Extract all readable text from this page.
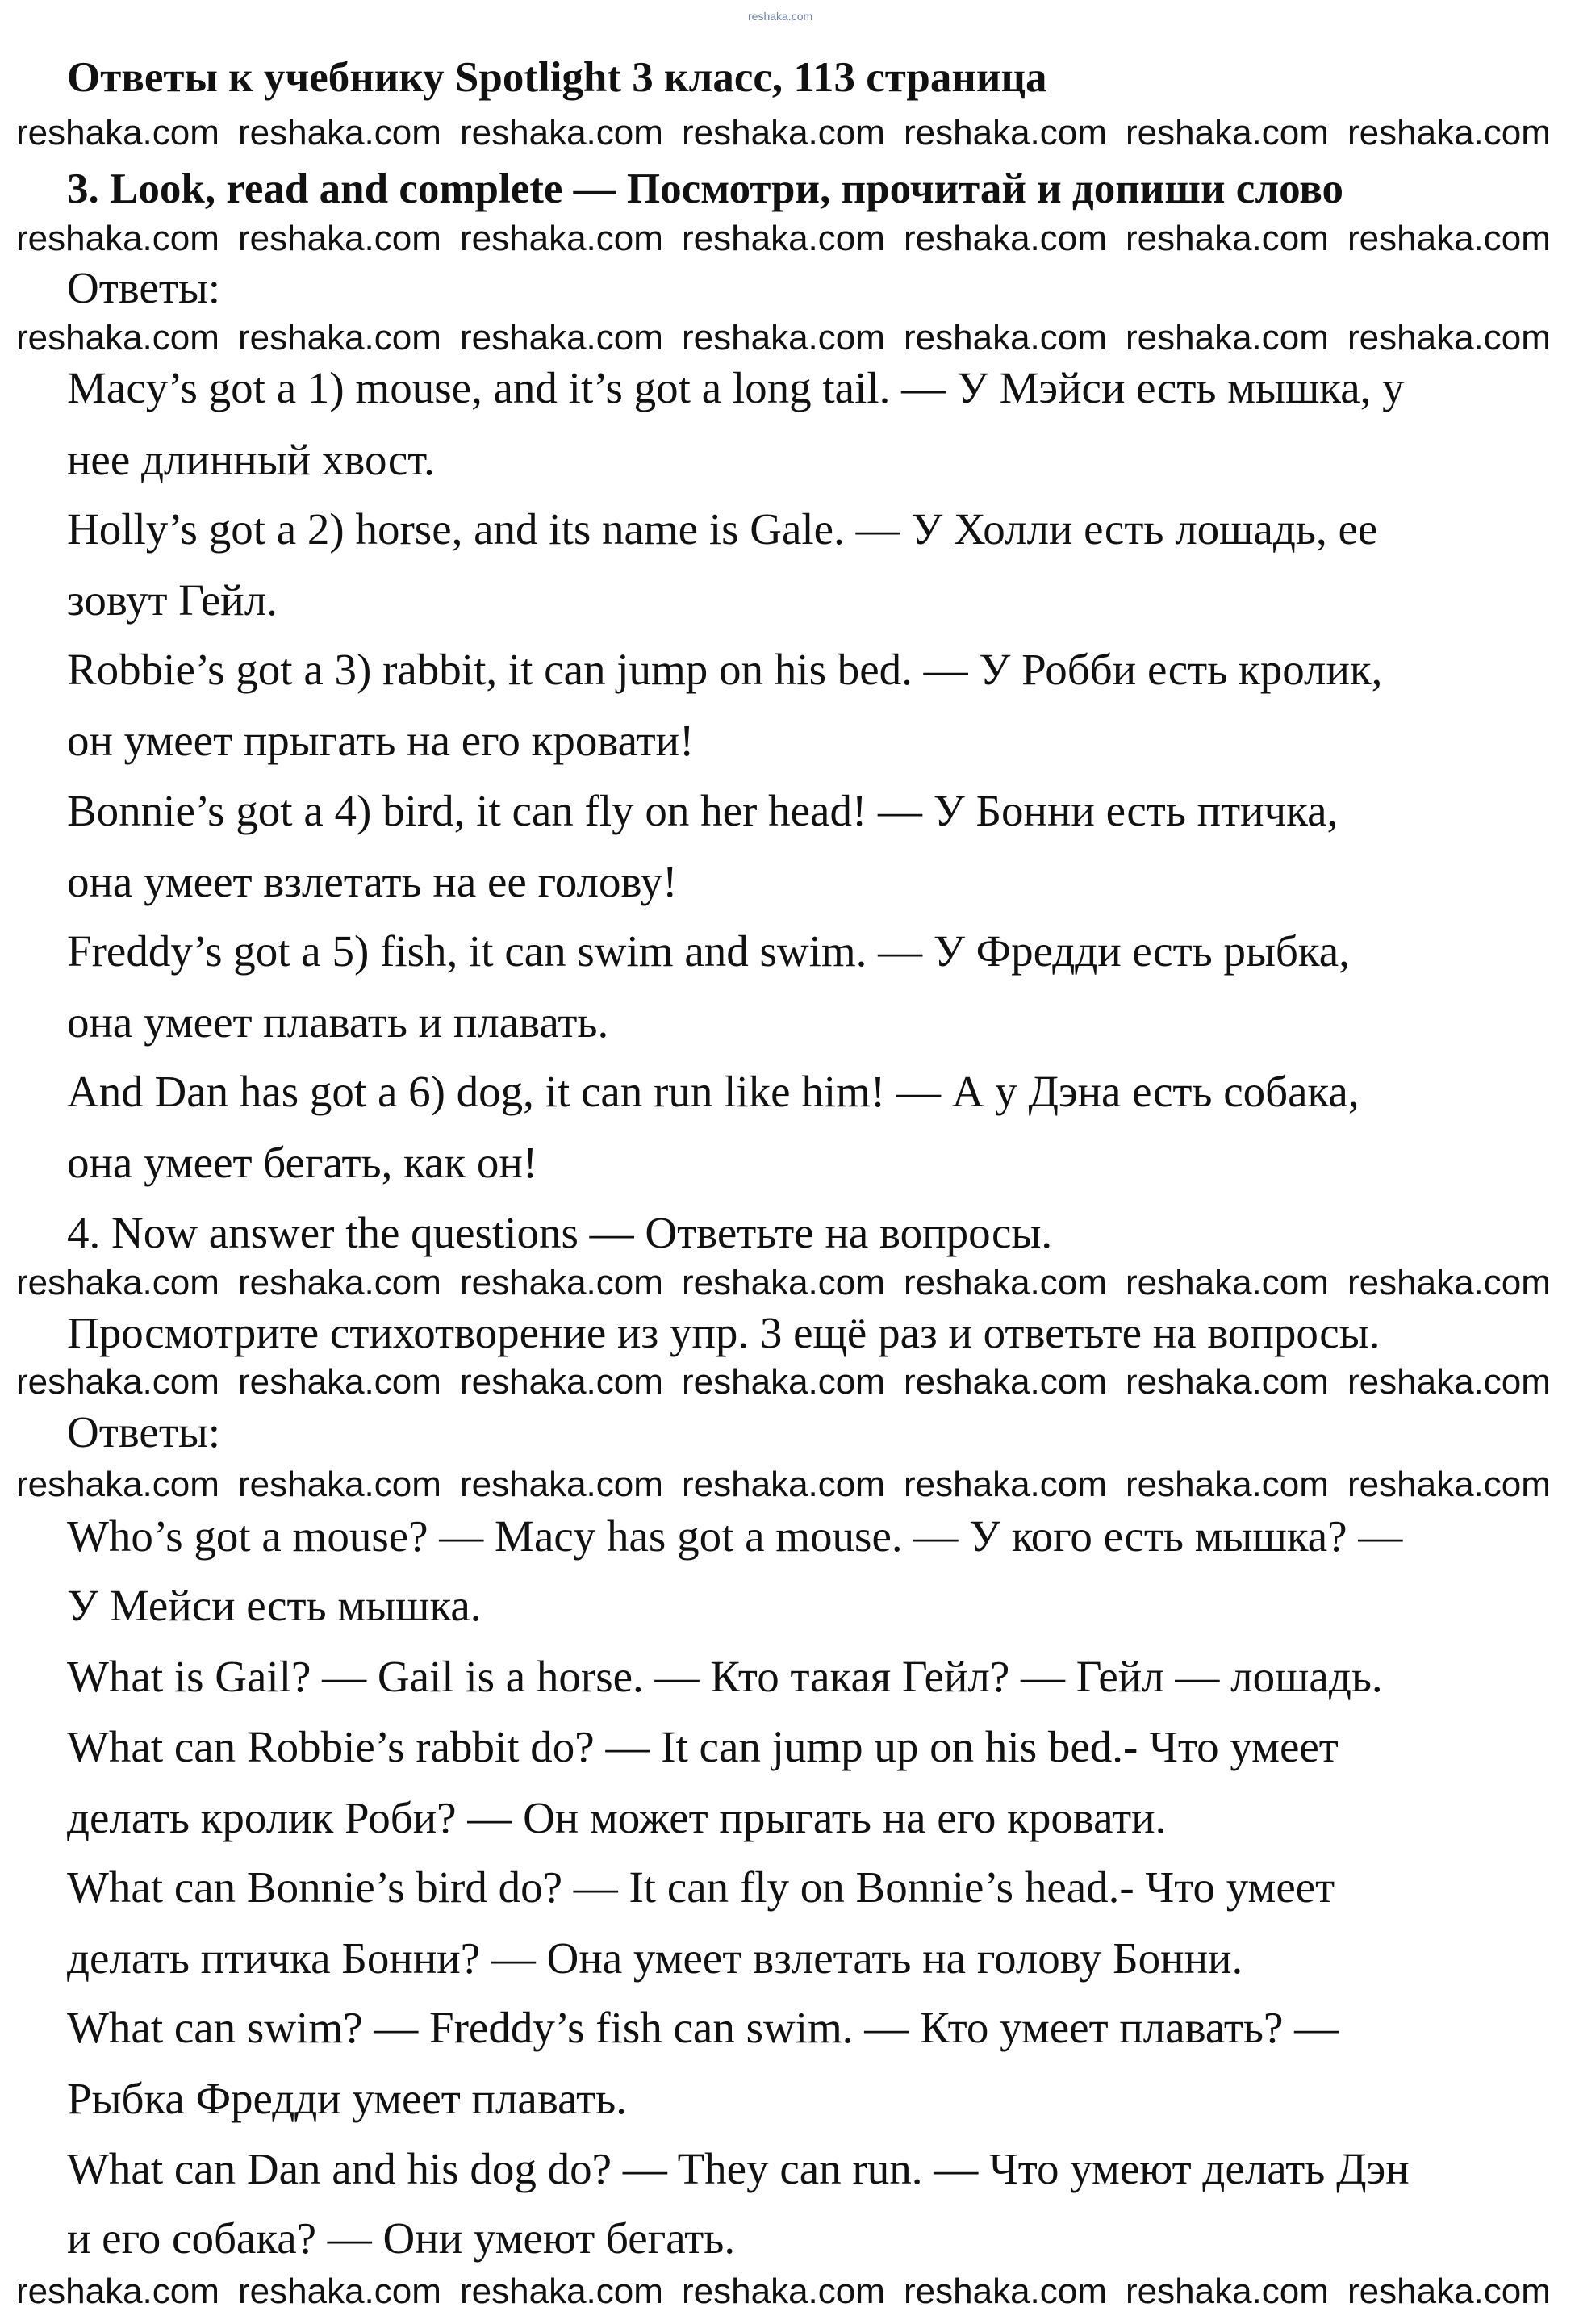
Ответы к учебнику Spotlight 3 класс, 113 страница
3. Look, read and complete — Посмотри, прочитай и допиши слово
Ответы:
Macy’s got a 1) mouse, and it’s got a long tail. — У Мэйси есть мышка, у
нее длинный хвост.
Holly’s got a 2) horse, and its name is Gale. — У Холли есть лошадь, ее
зовут Гейл.
Robbie’s got a 3) rabbit, it can jump on his bed. — У Робби есть кролик,
он умеет прыгать на его кровати!
Bonnie’s got a 4) bird, it can fly on her head! — У Бонни есть птичка,
она умеет взлетать на ее голову!
Freddy’s got a 5) fish, it can swim and swim. — У Фредди есть рыбка,
она умеет плавать и плавать.
And Dan has got a 6) dog, it can run like him! — А у Дэна есть собака,
она умеет бегать, как он!
4. Now answer the questions — Ответьте на вопросы.
Просмотрите стихотворение из упр. 3 ещё раз и ответьте на вопросы.
Ответы:
Who’s got a mouse? — Macy has got a mouse. — У кого есть мышка? —
У Мейси есть мышка.
What is Gail? — Gail is a horse. — Кто такая Гейл? — Гейл — лошадь.
What can Robbie’s rabbit do? — It can jump up on his bed.- Что умеет
делать кролик Роби? — Он может прыгать на его кровати.
What can Bonnie’s bird do? — It can fly on Bonnie’s head.- Что умеет
делать птичка Бонни? — Она умеет взлетать на голову Бонни.
What can swim? — Freddy’s fish can swim. — Кто умеет плавать? —
Рыбка Фредди умеет плавать.
What can Dan and his dog do? — They can run. — Что умеют делать Дэн
и его собака? — Они умеют бегать.
reshaka.com
reshaka.com reshaka.com reshaka.com reshaka.com reshaka.com reshaka.com reshaka.com
reshaka.com reshaka.com reshaka.com reshaka.com reshaka.com reshaka.com reshaka.com
reshaka.com reshaka.com reshaka.com reshaka.com reshaka.com reshaka.com reshaka.com
reshaka.com reshaka.com reshaka.com reshaka.com reshaka.com reshaka.com reshaka.com
reshaka.com reshaka.com reshaka.com reshaka.com reshaka.com reshaka.com reshaka.com
reshaka.com reshaka.com reshaka.com reshaka.com reshaka.com reshaka.com reshaka.com
reshaka.com reshaka.com reshaka.com reshaka.com reshaka.com reshaka.com reshaka.com
